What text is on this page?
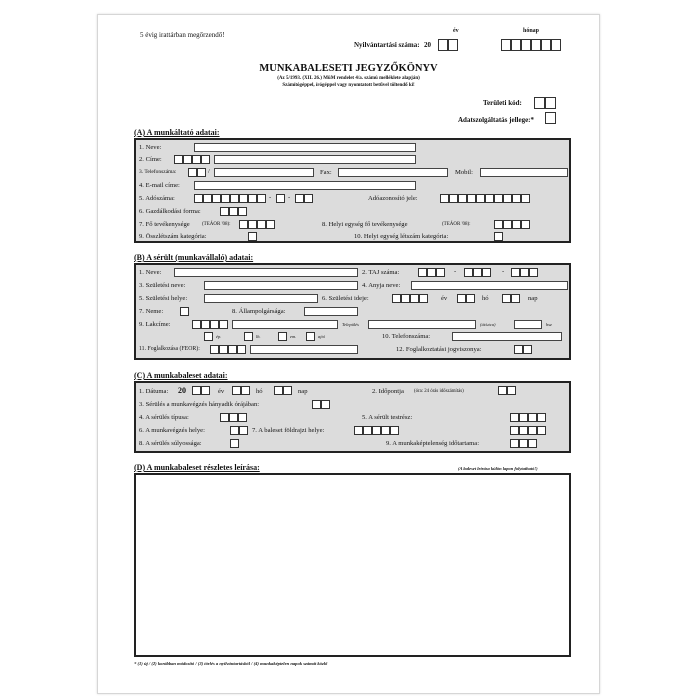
5 évig irattárban megőrzendő!	év	hónap
Nyilvántartási száma: 20
MUNKABALESETI JEGYZŐKÖNYV
(Az 5/1993. (XII. 26.) MüM rendelet 4/a. számú melléklete alapján)
Számítógéppel, írógéppel vagy nyomtatott betűvel töltendő ki!
Területi kód:
Adatszolgáltatás jellege:*
(A) A munkáltató adatai:
1. Neve:
2. Címe:
3. Telefonszáma:	/	Fax:	Mobil:
4. E-mail címe:
5. Adószáma:	-	-	Adóazonosító jele:
6. Gazdálkodási forma:
7. Fő tevékenysége (TEÁOR '08):	8. Helyi egység fő tevékenysége	(TEÁOR '08):
9. Összlétszám kategória:	10. Helyi egység létszám kategória:
(B) A sérült (munkavállaló) adatai:
1. Neve:	2. TAJ száma:	-	-
3. Születési neve:	4. Anyja neve:
5. Születési helye:	6. Születési ideje:	év	hó	nap
7. Neme:	8. Állampolgársága:
9. Lakcíme:	Település	(út/utca)	hsz
ép.	lh.	em.	ajtó	10. Telefonszáma:
11. Foglalkozása (FEOR):	12. Foglalkoztatási jogviszonya:
(C) A munkabaleset adatai:
1. Dátuma: 20	év	hó	nap	2. Időpontja (óra: 24 órás időszámítás)
3. Sérülés a munkavégzés hányadik órájában:
4. A sérülés típusa:	5. A sérült testrész:
6. A munkavégzés helye:	7. A baleset földrajzi helye:
8. A sérülés súlyossága:	9. A munkaképtelenség időtartama:
(D) A munkabaleset részletes leírása:	(A baleset leírása külön lapon folytatható!)
* (1) új / (2) korábban módosító / (3) törlés a nyilvántartásból / (4) munkaképtelen napok számát közlő
